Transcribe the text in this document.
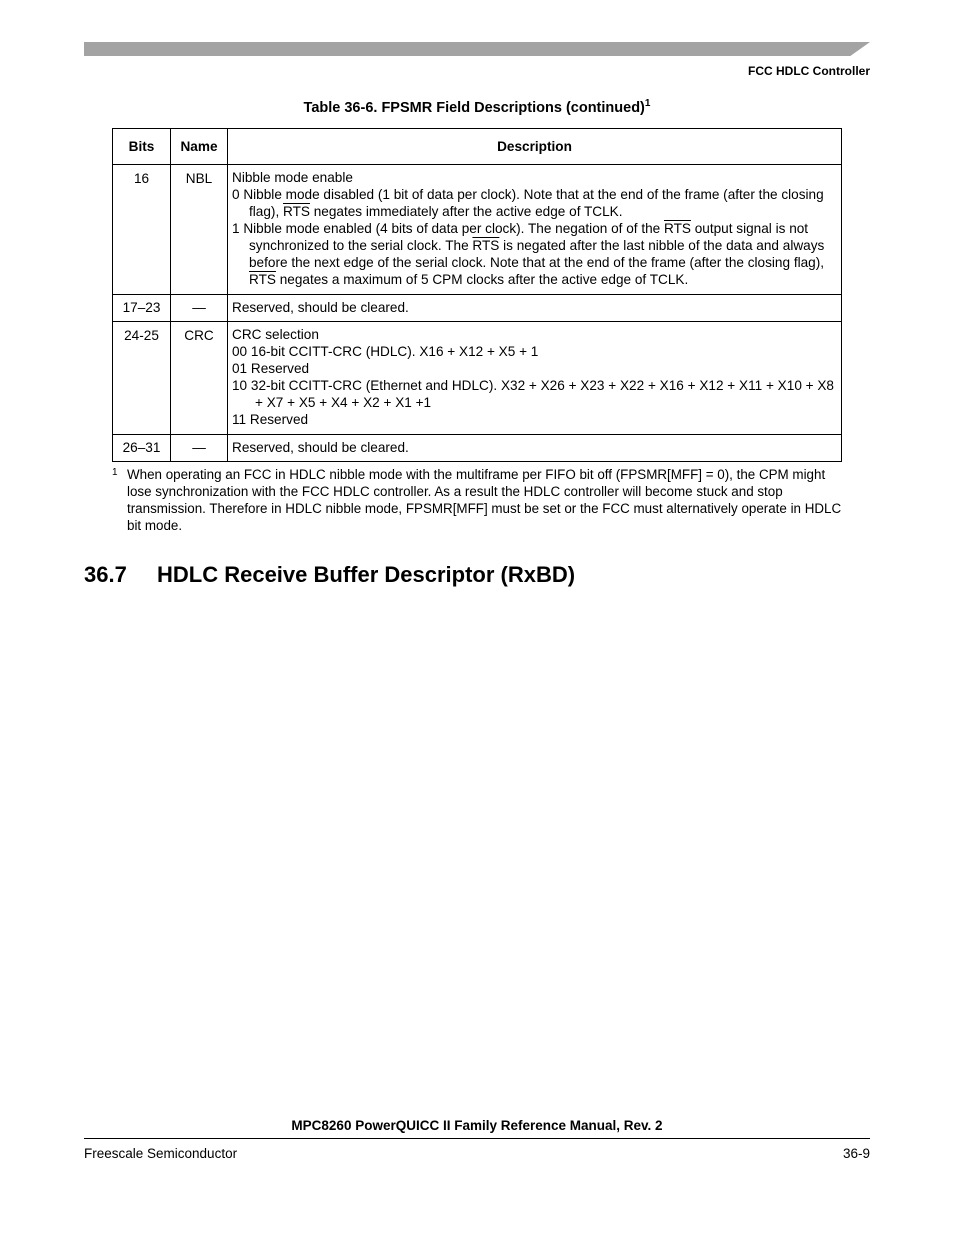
FCC HDLC Controller
Table 36-6. FPSMR Field Descriptions (continued)$^1$
Bits	Name	Description
16	NBL	Nibble mode enable
0 Nibble mode disabled (1 bit of data per clock). Note that at the end of the frame (after the closing flag), $\overline{RTS}$ negates immediately after the active edge of TCLK.
1 Nibble mode enabled (4 bits of data per clock). The negation of of the $\overline{RTS}$ output signal is not synchronized to the serial clock. The $\overline{RTS}$ is negated after the last nibble of the data and always before the next edge of the serial clock. Note that at the end of the frame (after the closing flag), $\overline{RTS}$ negates a maximum of 5 CPM clocks after the active edge of TCLK.

17–23	—	Reserved, should be cleared.
24-25	CRC	CRC selection
00 16-bit CCITT-CRC (HDLC). X16 + X12 + X5 + 1
01 Reserved
10 32-bit CCITT-CRC (Ethernet and HDLC). X32 + X26 + X23 + X22 + X16 + X12 + X11 + X10 + X8 + X7 + X5 + X4 + X2 + X1 +1
11 Reserved

26–31	—	Reserved, should be cleared.
1 When operating an FCC in HDLC nibble mode with the multiframe per FIFO bit off (FPSMR[MFF] = 0), the CPM might lose synchronization with the FCC HDLC controller. As a result the HDLC controller will become stuck and stop transmission. Therefore in HDLC nibble mode, FPSMR[MFF] must be set or the FCC must alternatively operate in HDLC bit mode.
36.7 HDLC Receive Buffer Descriptor (RxBD)
MPC8260 PowerQUICC II Family Reference Manual, Rev. 2
Freescale Semiconductor	36-9
